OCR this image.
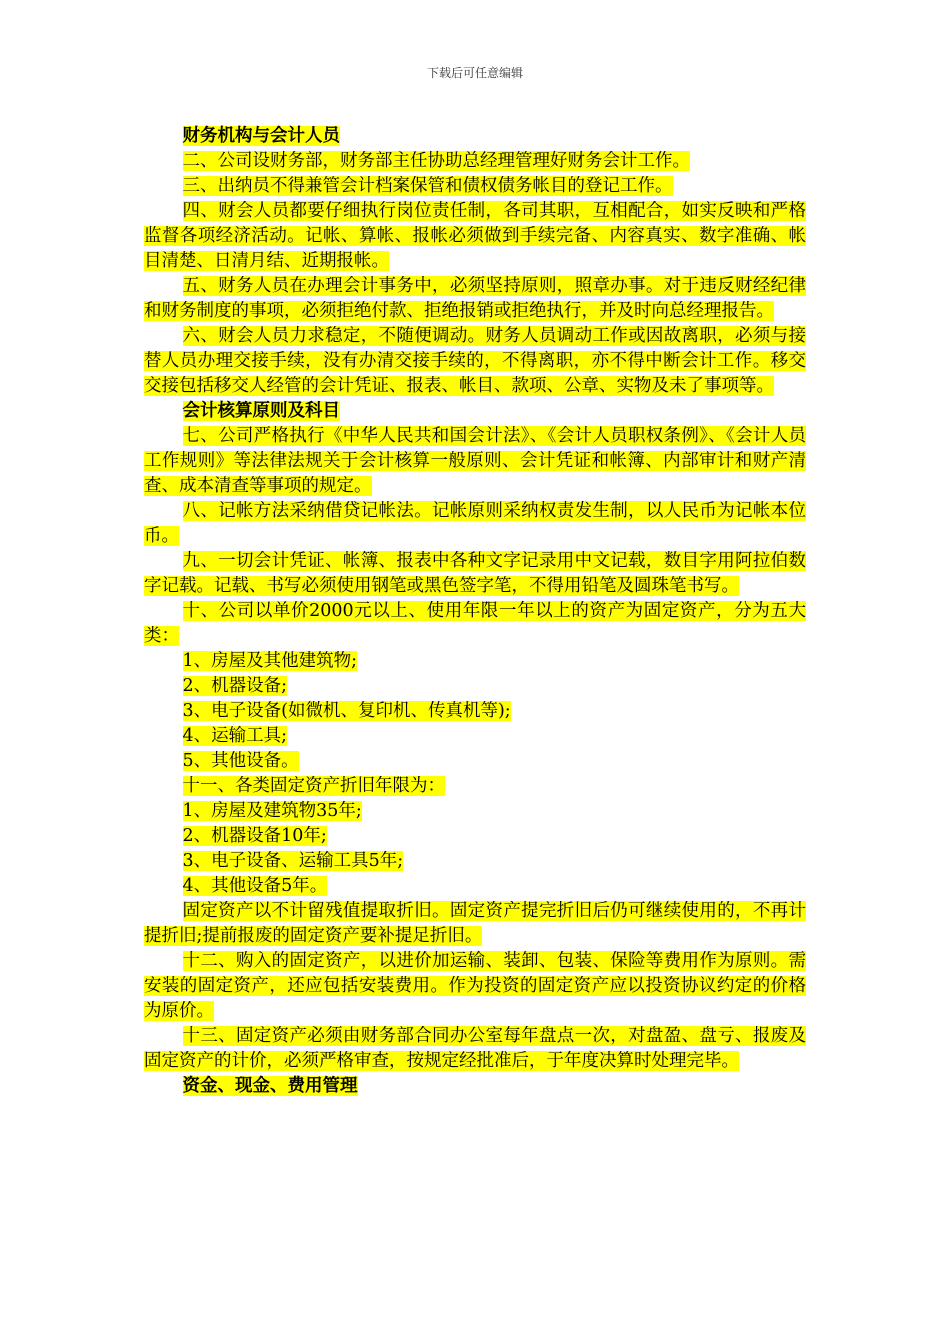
下载后可任意编辑

财务机构与会计人员

二、公司设财务部，财务部主任协助总经理管理好财务会计工作。

三、出纳员不得兼管会计档案保管和债权债务帐目的登记工作。

四、财会人员都要仔细执行岗位责任制，各司其职，互相配合，如实反映和严格监督各项经济活动。记帐、算帐、报帐必须做到手续完备、内容真实、数字准确、帐目清楚、日清月结、近期报帐。

五、财务人员在办理会计事务中，必须坚持原则，照章办事。对于违反财经纪律和财务制度的事项，必须拒绝付款、拒绝报销或拒绝执行，并及时向总经理报告。

六、财会人员力求稳定，不随便调动。财务人员调动工作或因故离职，必须与接替人员办理交接手续，没有办清交接手续的，不得离职，亦不得中断会计工作。移交交接包括移交人经管的会计凭证、报表、帐目、款项、公章、实物及未了事项等。

会计核算原则及科目

七、公司严格执行《中华人民共和国会计法》、《会计人员职权条例》、《会计人员工作规则》等法律法规关于会计核算一般原则、会计凭证和帐簿、内部审计和财产清查、成本清查等事项的规定。

八、记帐方法采纳借贷记帐法。记帐原则采纳权责发生制，以人民币为记帐本位币。

九、一切会计凭证、帐簿、报表中各种文字记录用中文记载，数目字用阿拉伯数字记载。记载、书写必须使用钢笔或黑色签字笔，不得用铅笔及圆珠笔书写。

十、公司以单价2000元以上、使用年限一年以上的资产为固定资产，分为五大类：

1、房屋及其他建筑物;

2、机器设备;

3、电子设备(如微机、复印机、传真机等);

4、运输工具;

5、其他设备。

十一、各类固定资产折旧年限为：

1、房屋及建筑物35年;

2、机器设备10年;

3、电子设备、运输工具5年;

4、其他设备5年。

固定资产以不计留残值提取折旧。固定资产提完折旧后仍可继续使用的，不再计提折旧;提前报废的固定资产要补提足折旧。

十二、购入的固定资产，以进价加运输、装卸、包装、保险等费用作为原则。需安装的固定资产，还应包括安装费用。作为投资的固定资产应以投资协议约定的价格为原价。

十三、固定资产必须由财务部合同办公室每年盘点一次，对盘盈、盘亏、报废及固定资产的计价，必须严格审查，按规定经批准后，于年度决算时处理完毕。

资金、现金、费用管理
